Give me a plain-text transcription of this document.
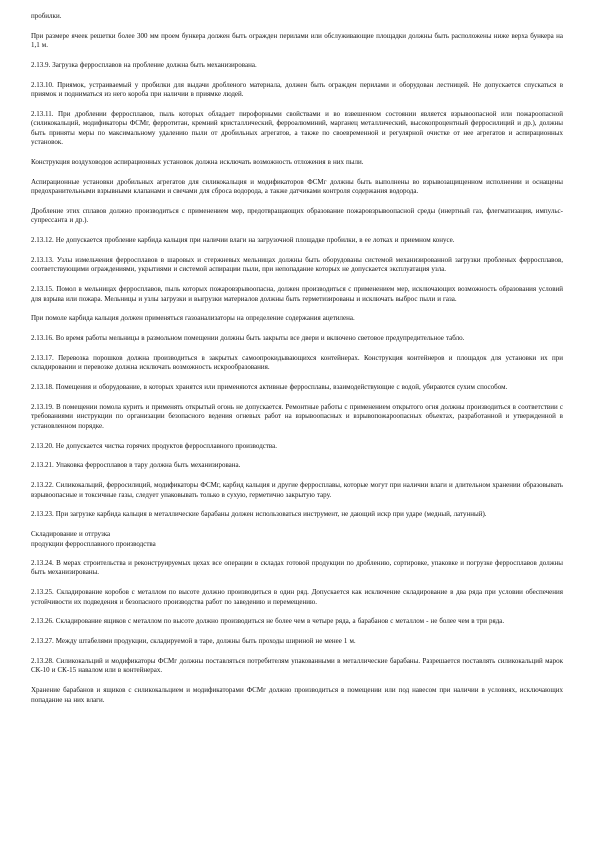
пробилки.

При размере ячеек решетки более 300 мм проем бункера должен быть огражден перилами или обслуживающие площадки должны быть расположены ниже верха бункера на 1,1 м.

2.13.9. Загрузка ферросплавов на пробление должна быть механизирована.

2.13.10. Приямок, устраиваемый у пробилки для выдачи дробленого материала, должен быть огражден перилами и оборудован лестницей. Не допускается спускаться в приямок и подниматься из него короба при наличии в приямке людей.

2.13.11. При дроблении ферросплавов, пыль которых обладает пирофорными свойствами и во взвешенном состоянии является взрывоопасной или пожароопасной (силикокальций, модификаторы ФСМг, ферротитан, кремний кристаллический, ферроалюминий, марганец металлический, высокопроцентный ферросилиций и др.), должны быть приняты меры по максимальному удалению пыли от дробильных агрегатов, а также по своевременной и регулярной очистке от нее агрегатов и аспирационных установок.

Конструкция воздуховодов аспирационных установок должна исключать возможность отложения в них пыли.

Аспирационные установки дробильных агрегатов для силикокальция и модификаторов ФСМг должны быть выполнены во взрывозащищенном исполнении и оснащены предохранительными взрывными клапанами и свечами для сброса водорода, а также датчиками контроля содержания водорода.

Дробление этих сплавов должно производиться с применением мер, предотвращающих образование пожаровзрывоопасной среды (инертный газ, флегматизация, импульс-супрессанта и др.).

2.13.12. Не допускается пробление карбида кальция при наличии влаги на загрузочной площадке пробилки, в ее лотках и приемном конусе.

2.13.13. Узлы измельчения ферросплавов в шаровых и стержневых мельницах должны быть оборудованы системой механизированной загрузки пробленых ферросплавов, соответствующими ограждениями, укрытиями и системой аспирации пыли, при непопадание которых не допускается эксплуатация узла.

2.13.15. Помол в мельницах ферросплавов, пыль которых пожаровзрывоопасна, должен производиться с применением мер, исключающих возможность образования условий для взрыва или пожара. Мельницы и узлы загрузки и выгрузки материалов должны быть герметизированы и исключать выброс пыли и газа.

При помоле карбида кальция должен применяться газоанализаторы на определение содержания ацетилена.

2.13.16. Во время работы мельницы в размольном помещении должны быть закрыты все двери и включено световое предупредительное табло.

2.13.17. Перевозка порошков должна производиться в закрытых самоопрокидывающихся контейнерах. Конструкция контейнеров и площадок для установки их при складировании и перевозке должна исключать возможность искрообразования.

2.13.18. Помещения и оборудование, в которых хранятся или применяются активные ферросплавы, взаимодействующие с водой, убираются сухим способом.

2.13.19. В помещении помола курить и применять открытый огонь не допускается. Ремонтные работы с применением открытого огня должны производиться в соответствии с требованиями инструкции по организации безопасного ведения огневых работ на взрывоопасных и взрывопожароопасных объектах, разработанной и утвержденной в установленном порядке.

2.13.20. Не допускается чистка горячих продуктов ферросплавного производства.

2.13.21. Упаковка ферросплавов в тару должна быть механизирована.

2.13.22. Силикокальций, ферросилиций, модификаторы ФСМг, карбид кальция и другие ферросплавы, которые могут при наличии влаги и длительном хранении образовывать взрывоопасные и токсичные газы, следует упаковывать только в сухую, герметично закрытую тару.

2.13.23. При загрузке карбида кальция в металлические барабаны должен использоваться инструмент, не дающий искр при ударе (медный, латунный).

Складирование и отгрузка
продукции ферросплавного производства

2.13.24. В мерах строительства и реконструируемых цехах все операции в складах готовой продукции по дроблению, сортировке, упаковке и погрузке ферросплавов должны быть механизированы.

2.13.25. Складирование коробов с металлом по высоте должно производиться в один ряд. Допускается как исключение складирование в два ряда при условии обеспечения устойчивости их подведения и безопасного производства работ по заведению и перемещению.

2.13.26. Складирование ящиков с металлом по высоте должно производиться не более чем в четыре ряда, а барабанов с металлом - не более чем в три ряда.

2.13.27. Между штабелями продукции, складируемой в таре, должны быть проходы шириной не менее 1 м.

2.13.28. Силикокальций и модификаторы ФСМг должны поставляться потребителям упакованными в металлические барабаны. Разрешается поставлять силикокальций марок СК-10 и СК-15 навалом или в контейнерах.

Хранение барабанов и ящиков с силикокальцием и модификаторами ФСМг должно производиться в помещении или под навесом при наличии в условиях, исключающих попадание на них влаги.
